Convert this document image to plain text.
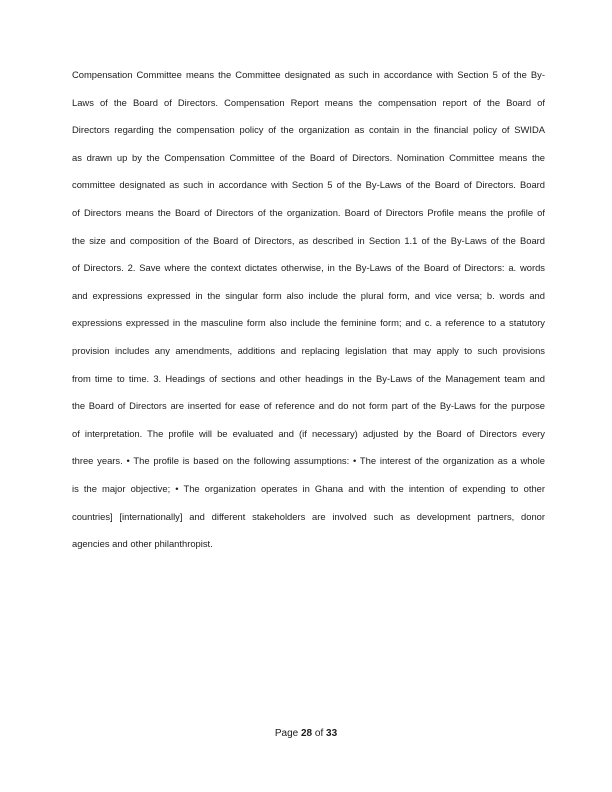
Compensation Committee means the Committee designated as such in accordance with Section 5 of the By-
Laws of the Board of Directors. Compensation Report means the compensation report of the Board of
Directors regarding the compensation policy of the organization as contain in the financial policy of SWIDA
as drawn up by the Compensation Committee of the Board of Directors. Nomination Committee means the
committee designated as such in accordance with Section 5 of the By-Laws of the Board of Directors. Board
of Directors means the Board of Directors of the organization. Board of Directors Profile means the profile of
the size and composition of the Board of Directors, as described in Section 1.1 of the By-Laws of the Board
of Directors. 2. Save where the context dictates otherwise, in the By-Laws of the Board of Directors: a. words
and expressions expressed in the singular form also include the plural form, and vice versa; b. words and
expressions expressed in the masculine form also include the feminine form; and c. a reference to a statutory
provision includes any amendments, additions and replacing legislation that may apply to such provisions
from time to time. 3. Headings of sections and other headings in the By-Laws of the Management team and
the Board of Directors are inserted for ease of reference and do not form part of the By-Laws for the purpose
of interpretation. The profile will be evaluated and (if necessary) adjusted by the Board of Directors every
three years. • The profile is based on the following assumptions: • The interest of the organization as a whole
is the major objective; • The organization operates in Ghana and with the intention of expending to other
countries] [internationally] and different stakeholders are involved such as development partners, donor
agencies and other philanthropist.
Page 28 of 33
